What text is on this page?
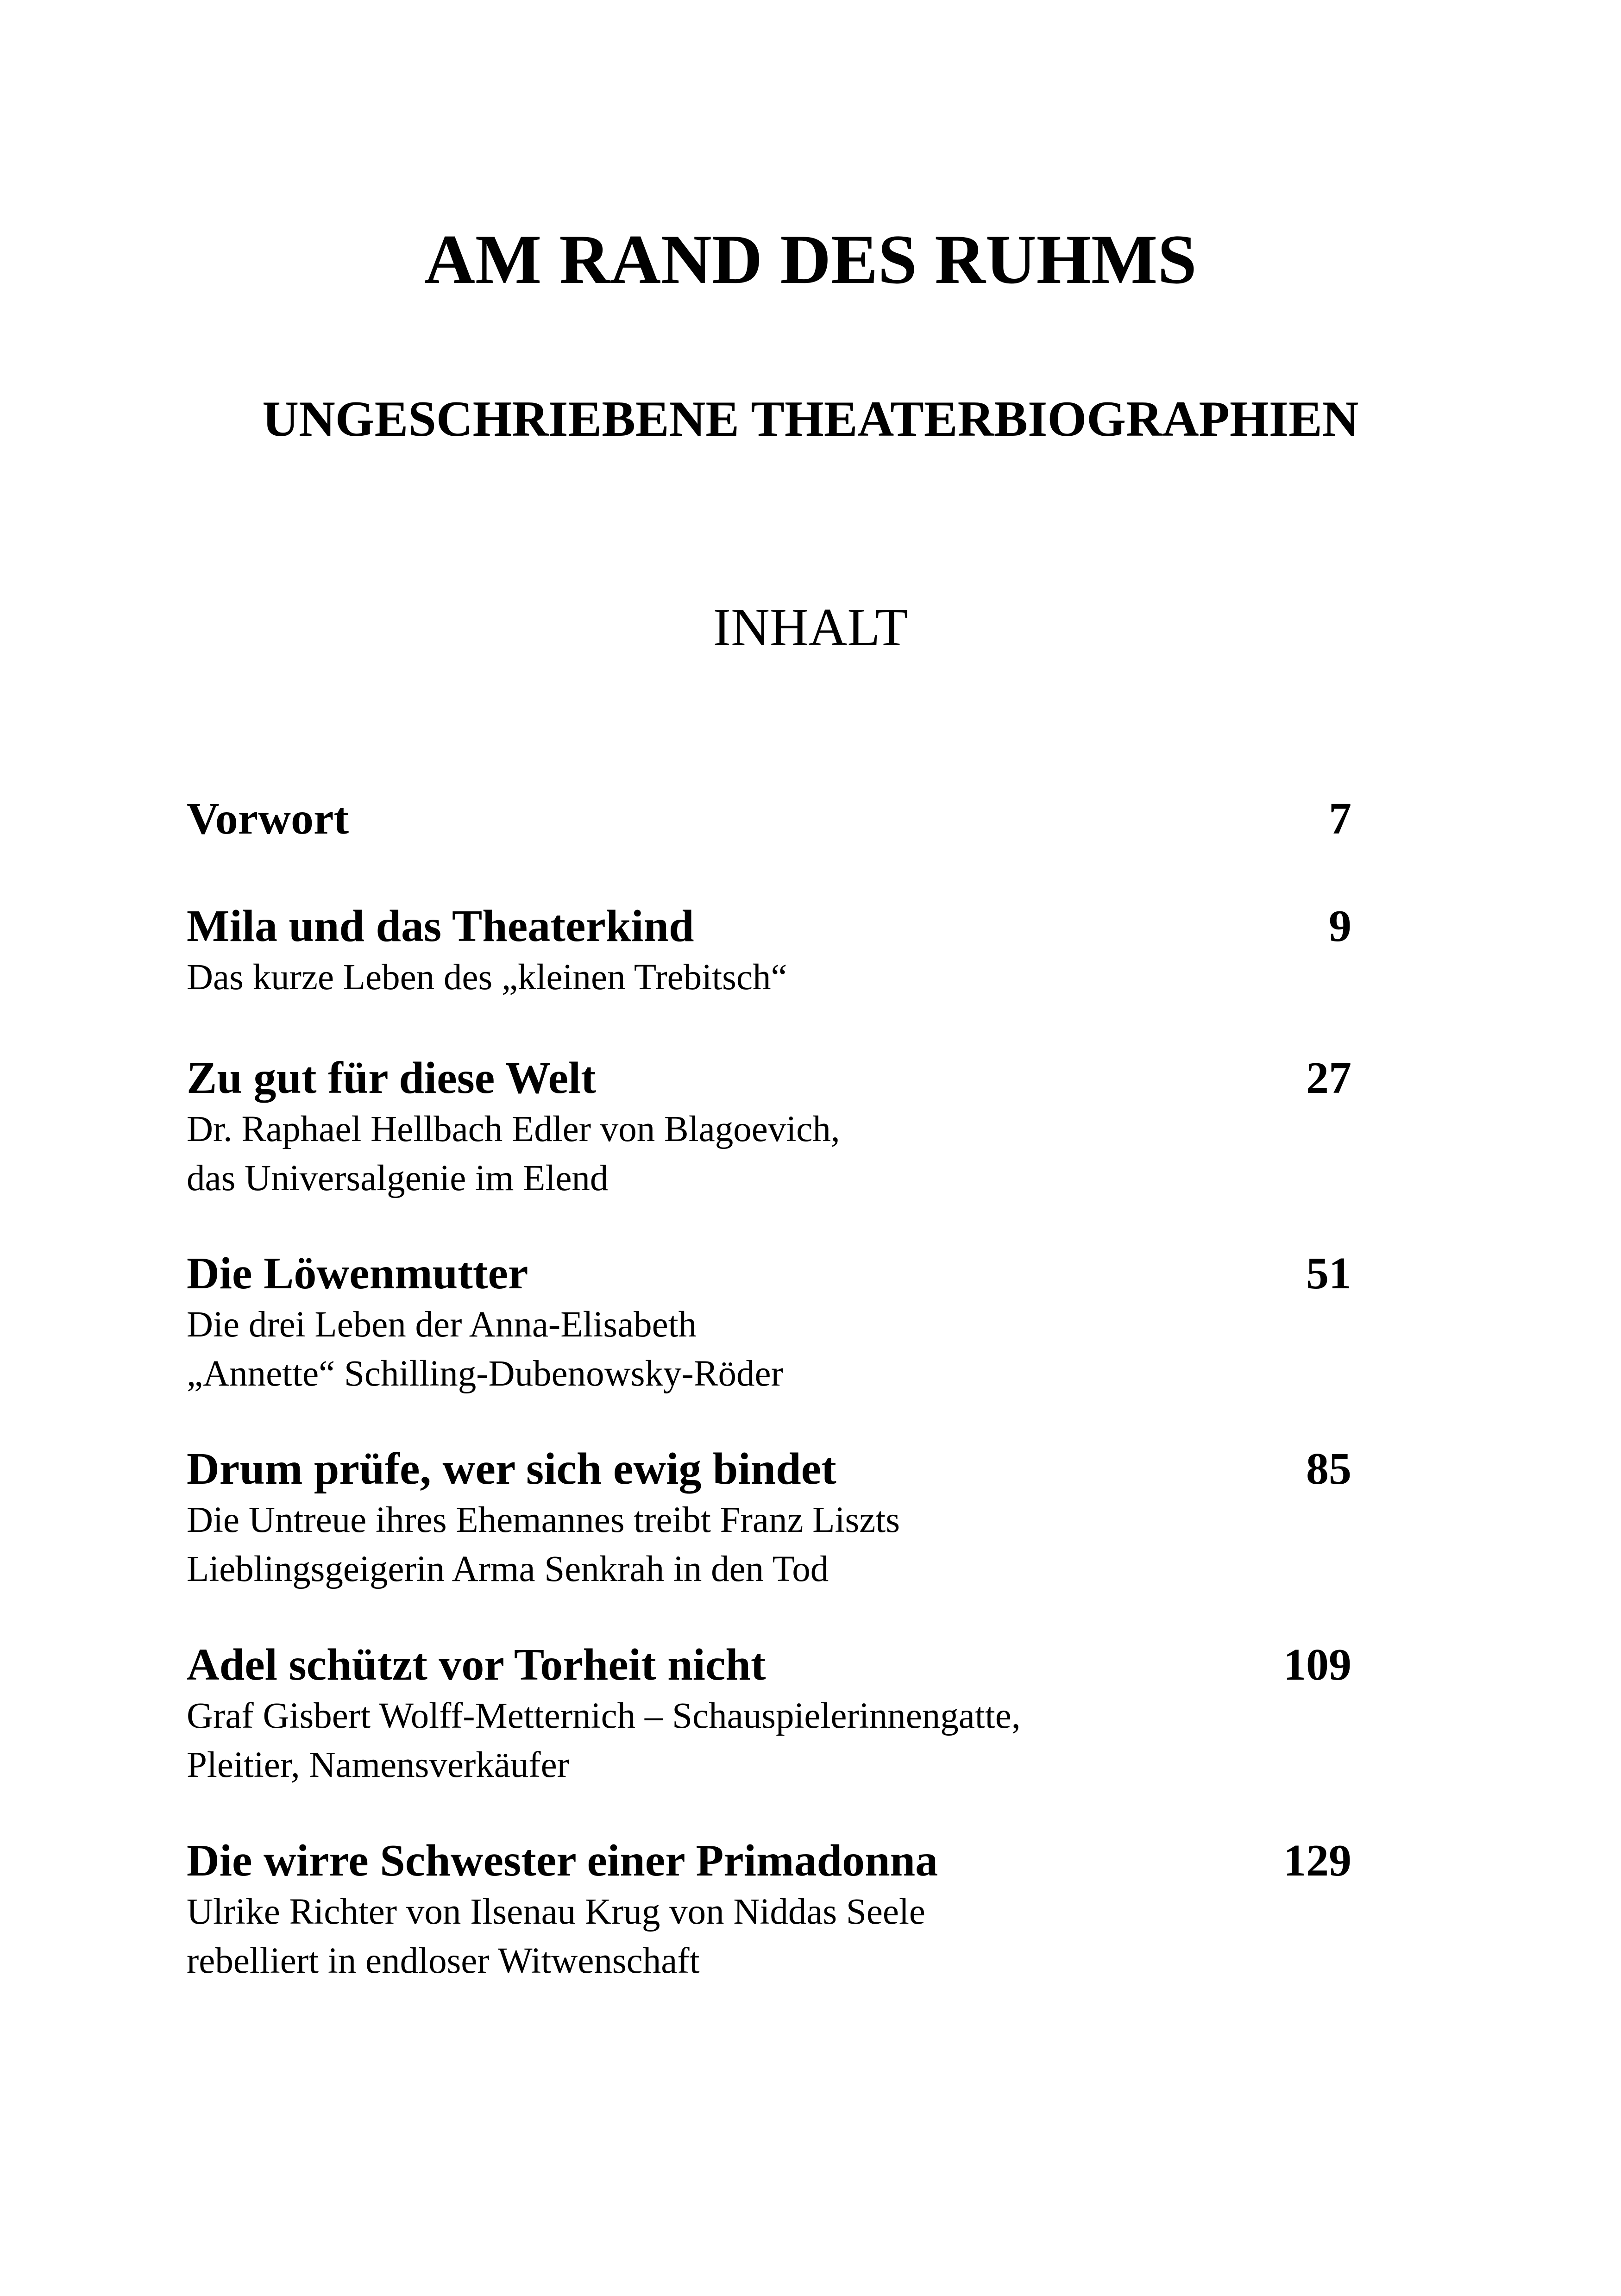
AM RAND DES RUHMS
UNGESCHRIEBENE THEATERBIOGRAPHIEN
INHALT
Vorwort	7
Mila und das Theaterkind	9
Das kurze Leben des „kleinen Trebitsch“
Zu gut für diese Welt	27
Dr. Raphael Hellbach Edler von Blagoevich,
das Universalgenie im Elend
Die Löwenmutter	51
Die drei Leben der Anna-Elisabeth
„Annette“ Schilling-Dubenowsky-Röder
Drum prüfe, wer sich ewig bindet	85
Die Untreue ihres Ehemannes treibt Franz Liszts
Lieblingsgeigerin Arma Senkrah in den Tod
Adel schützt vor Torheit nicht	109
Graf Gisbert Wolff-Metternich – Schauspielerinnengatte,
Pleitier, Namensverkäufer
Die wirre Schwester einer Primadonna	129
Ulrike Richter von Ilsenau Krug von Niddas Seele
rebelliert in endloser Witwenschaft
